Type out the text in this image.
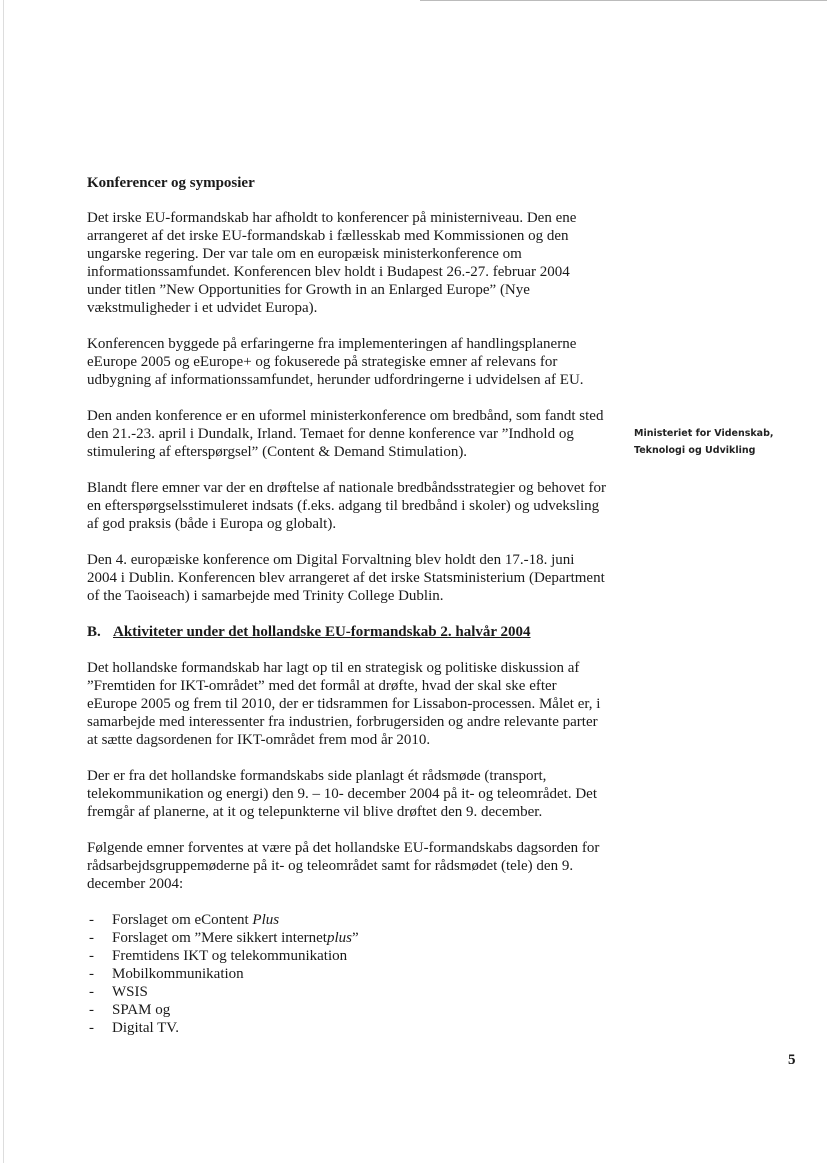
Konferencer og symposier

Det irske EU-formandskab har afholdt to konferencer på ministerniveau. Den ene arrangeret af det irske EU-formandskab i fællesskab med Kommissionen og den ungarske regering. Der var tale om en europæisk ministerkonference om informationssamfundet. Konferencen blev holdt i Budapest 26.-27. februar 2004 under titlen ”New Opportunities for Growth in an Enlarged Europe” (Nye vækstmuligheder i et udvidet Europa).

Konferencen byggede på erfaringerne fra implementeringen af handlingsplanerne eEurope 2005 og eEurope+ og fokuserede på strategiske emner af relevans for udbygning af informationssamfundet, herunder udfordringerne i udvidelsen af EU.

Den anden konference er en uformel ministerkonference om bredbånd, som fandt sted den 21.-23. april i Dundalk, Irland. Temaet for denne konference var ”Indhold og stimulering af efterspørgsel” (Content & Demand Stimulation).

Blandt flere emner var der en drøftelse af nationale bredbåndsstrategier og behovet for en efterspørgselsstimuleret indsats (f.eks. adgang til bredbånd i skoler) og udveksling af god praksis (både i Europa og globalt).

Den 4. europæiske konference om Digital Forvaltning blev holdt den 17.-18. juni 2004 i Dublin. Konferencen blev arrangeret af det irske Statsministerium (Department of the Taoiseach) i samarbejde med Trinity College Dublin.

B. Aktiviteter under det hollandske EU-formandskab 2. halvår 2004

Det hollandske formandskab har lagt op til en strategisk og politiske diskussion af ”Fremtiden for IKT-området” med det formål at drøfte, hvad der skal ske efter eEurope 2005 og frem til 2010, der er tidsrammen for Lissabon-processen. Målet er, i samarbejde med interessenter fra industrien, forbrugersiden og andre relevante parter at sætte dagsordenen for IKT-området frem mod år 2010.

Der er fra det hollandske formandskabs side planlagt ét rådsmøde (transport, telekommunikation og energi) den 9. – 10- december 2004 på it- og teleområdet. Det fremgår af planerne, at it og telepunkterne vil blive drøftet den 9. december.

Følgende emner forventes at være på det hollandske EU-formandskabs dagsorden for rådsarbejdsgruppemøderne på it- og teleområdet samt for rådsmødet (tele) den 9. december 2004:

- Forslaget om eContent Plus
- Forslaget om ”Mere sikkert internetplus”
- Fremtidens IKT og telekommunikation
- Mobilkommunikation
- WSIS
- SPAM og
- Digital TV.
Ministeriet for Videnskab,
Teknologi og Udvikling
5
